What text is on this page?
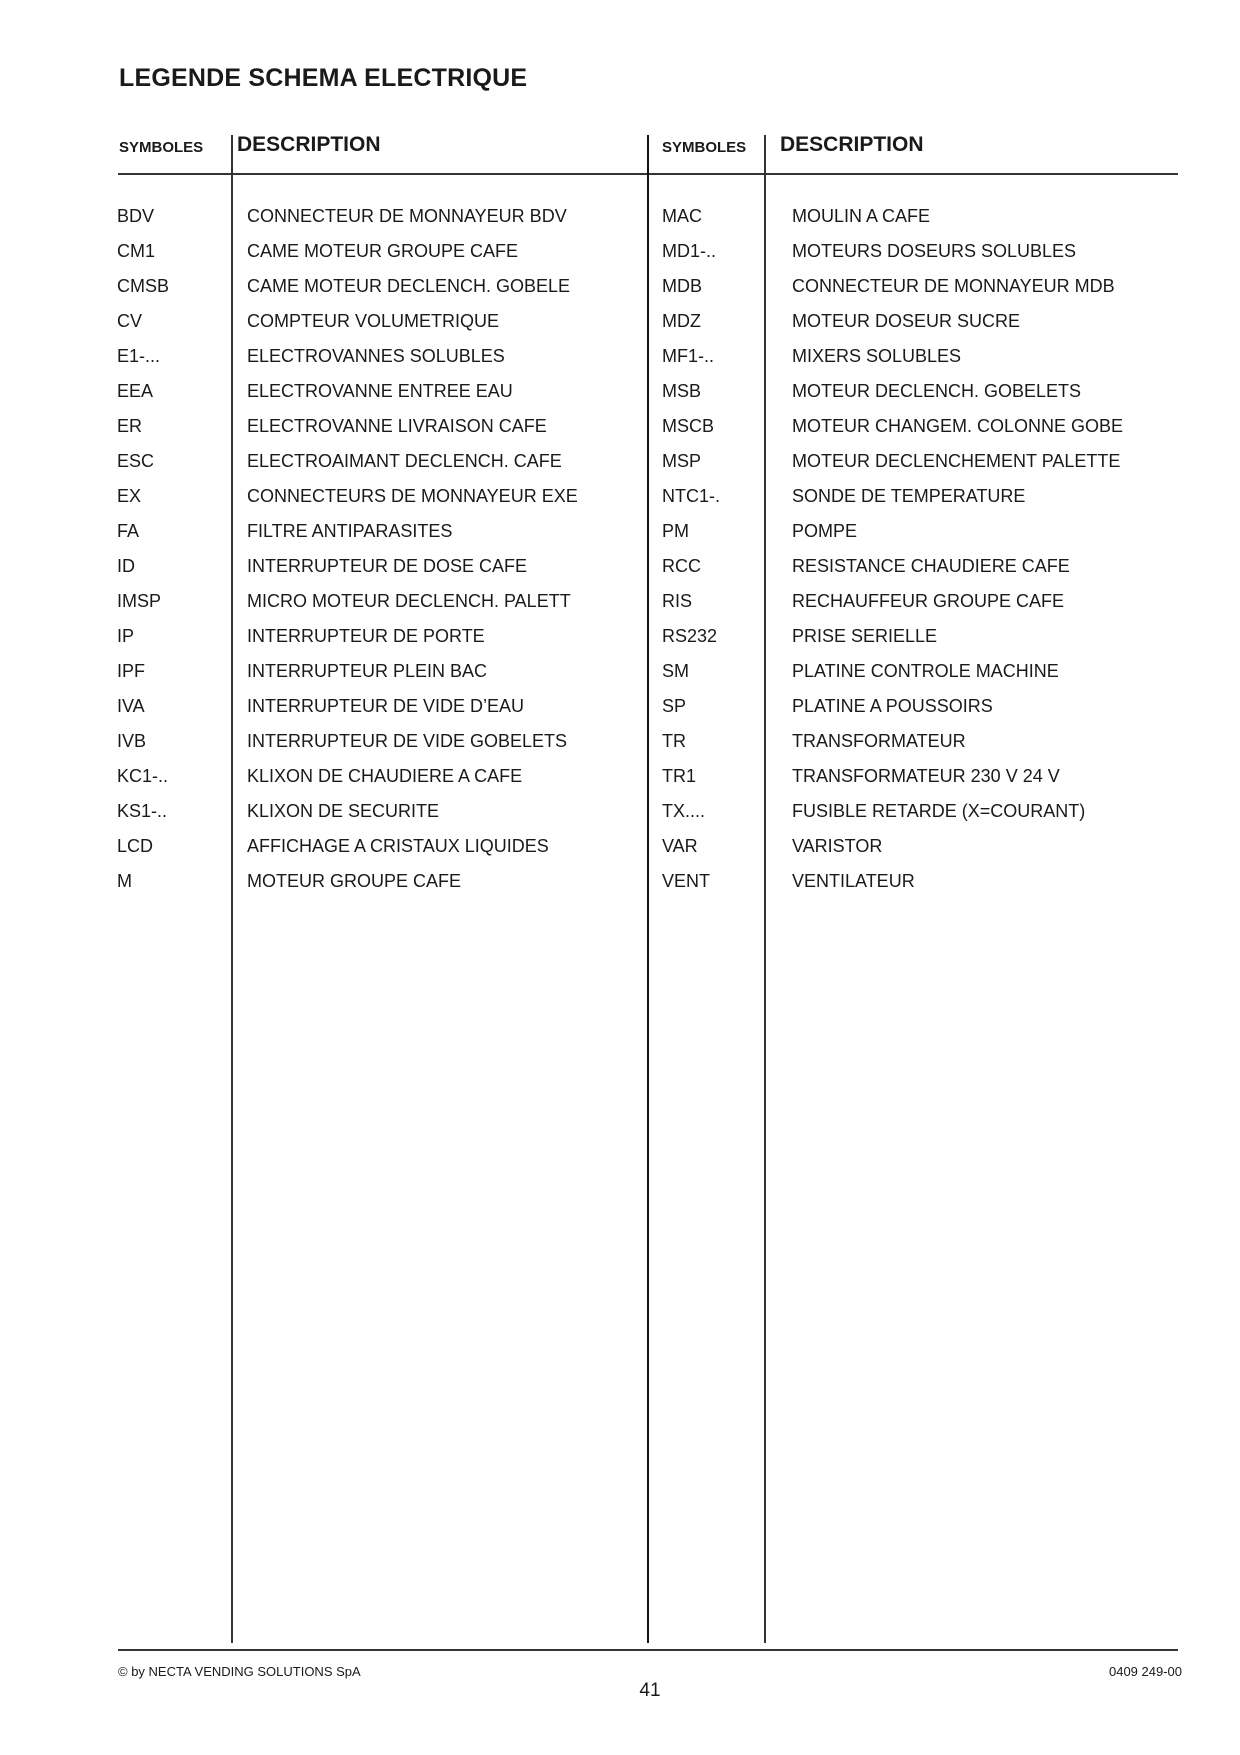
LEGENDE SCHEMA ELECTRIQUE
SYMBOLES DESCRIPTION	SYMBOLES DESCRIPTION
BDV	CONNECTEUR DE MONNAYEUR BDV
CM1	CAME MOTEUR GROUPE CAFE
CMSB	CAME MOTEUR DECLENCH. GOBELE
CV	COMPTEUR VOLUMETRIQUE
E1-...	ELECTROVANNES SOLUBLES
EEA	ELECTROVANNE ENTREE EAU
ER	ELECTROVANNE LIVRAISON CAFE
ESC	ELECTROAIMANT DECLENCH. CAFE
EX	CONNECTEURS DE MONNAYEUR EXE
FA	FILTRE ANTIPARASITES
ID	INTERRUPTEUR DE DOSE CAFE
IMSP	MICRO MOTEUR DECLENCH. PALETT
IP	INTERRUPTEUR DE PORTE
IPF	INTERRUPTEUR PLEIN BAC
IVA	INTERRUPTEUR DE VIDE D’EAU
IVB	INTERRUPTEUR DE VIDE GOBELETS
KC1-..	KLIXON DE CHAUDIERE A CAFE
KS1-..	KLIXON DE SECURITE
LCD	AFFICHAGE A CRISTAUX LIQUIDES
M	MOTEUR GROUPE CAFE
MAC	MOULIN A CAFE
MD1-..	MOTEURS DOSEURS SOLUBLES
MDB	CONNECTEUR DE MONNAYEUR MDB
MDZ	MOTEUR DOSEUR SUCRE
MF1-..	MIXERS SOLUBLES
MSB	MOTEUR DECLENCH. GOBELETS
MSCB	MOTEUR CHANGEM. COLONNE GOBE
MSP	MOTEUR DECLENCHEMENT PALETTE
NTC1-.	SONDE DE TEMPERATURE
PM	POMPE
RCC	RESISTANCE CHAUDIERE CAFE
RIS	RECHAUFFEUR GROUPE CAFE
RS232	PRISE SERIELLE
SM	PLATINE CONTROLE MACHINE
SP	PLATINE A POUSSOIRS
TR	TRANSFORMATEUR
TR1	TRANSFORMATEUR 230 V 24 V
TX....	FUSIBLE RETARDE (X=COURANT)
VAR	VARISTOR
VENT	VENTILATEUR
© by NECTA VENDING SOLUTIONS SpA	0409 249-00
41
